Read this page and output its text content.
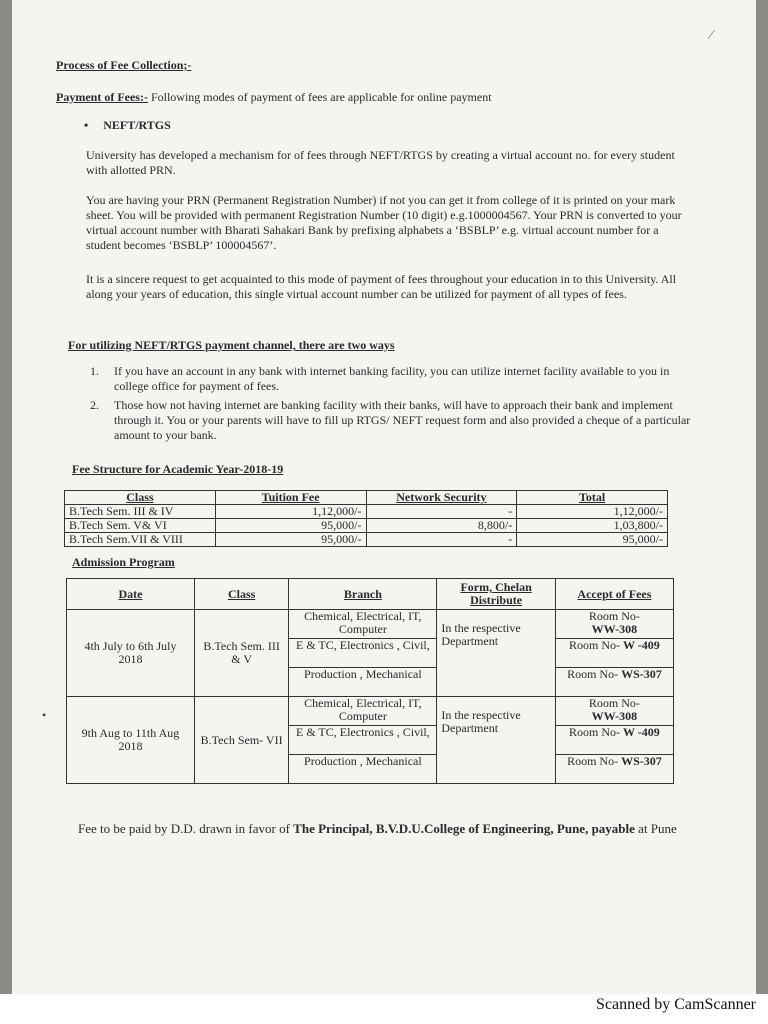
⁄
•
Process of Fee Collection;-
Payment of Fees:- Following modes of payment of fees are applicable for online payment
• NEFT/RTGS
University has developed a mechanism for of fees through NEFT/RTGS by creating a virtual account no. for every student with allotted PRN.
You are having your PRN (Permanent Registration Number) if not you can get it from college of it is printed on your mark sheet. You will be provided with permanent Registration Number (10 digit) e.g.1000004567. Your PRN is converted to your virtual account number with Bharati Sahakari Bank by prefixing alphabets a ‘BSBLP’ e.g. virtual account number for a student becomes ‘BSBLP’ 100004567’.
It is a sincere request to get acquainted to this mode of payment of fees throughout your education in to this University. All along your years of education, this single virtual account number can be utilized for payment of all types of fees.
For utilizing NEFT/RTGS payment channel, there are two ways
1.	If you have an account in any bank with internet banking facility, you can utilize internet facility available to you in college office for payment of fees.
2.	Those how not having internet are banking facility with their banks, will have to approach their bank and implement through it. You or your parents will have to fill up RTGS/ NEFT request form and also provided a cheque of a particular amount to your bank.
Fee Structure for Academic Year-2018-19
Class	Tuition Fee	Network Security	Total
B.Tech Sem. III & IV	1,12,000/-	-	1,12,000/-
B.Tech Sem. V& VI	95,000/-	8,800/-	1,03,800/-
B.Tech Sem.VII & VIII	95,000/-	-	95,000/-
Admission Program
Date	Class	Branch	Form, Chelan Distribute	Accept of Fees
4th July to 6th July 2018	B.Tech Sem. III & V	Chemical, Electrical, IT, Computer	In the respective Department	Room No-
WW-308
		E & TC, Electronics , Civil,		Room No- W -409
		Production , Mechanical		Room No- WS-307
9th Aug to 11th Aug 2018	B.Tech Sem- VII	Chemical, Electrical, IT, Computer	In the respective Department	Room No-
WW-308
		E & TC, Electronics , Civil,		Room No- W -409
		Production , Mechanical		Room No- WS-307
Fee to be paid by D.D. drawn in favor of The Principal, B.V.D.U.College of Engineering, Pune, payable at Pune
Scanned by CamScanner
